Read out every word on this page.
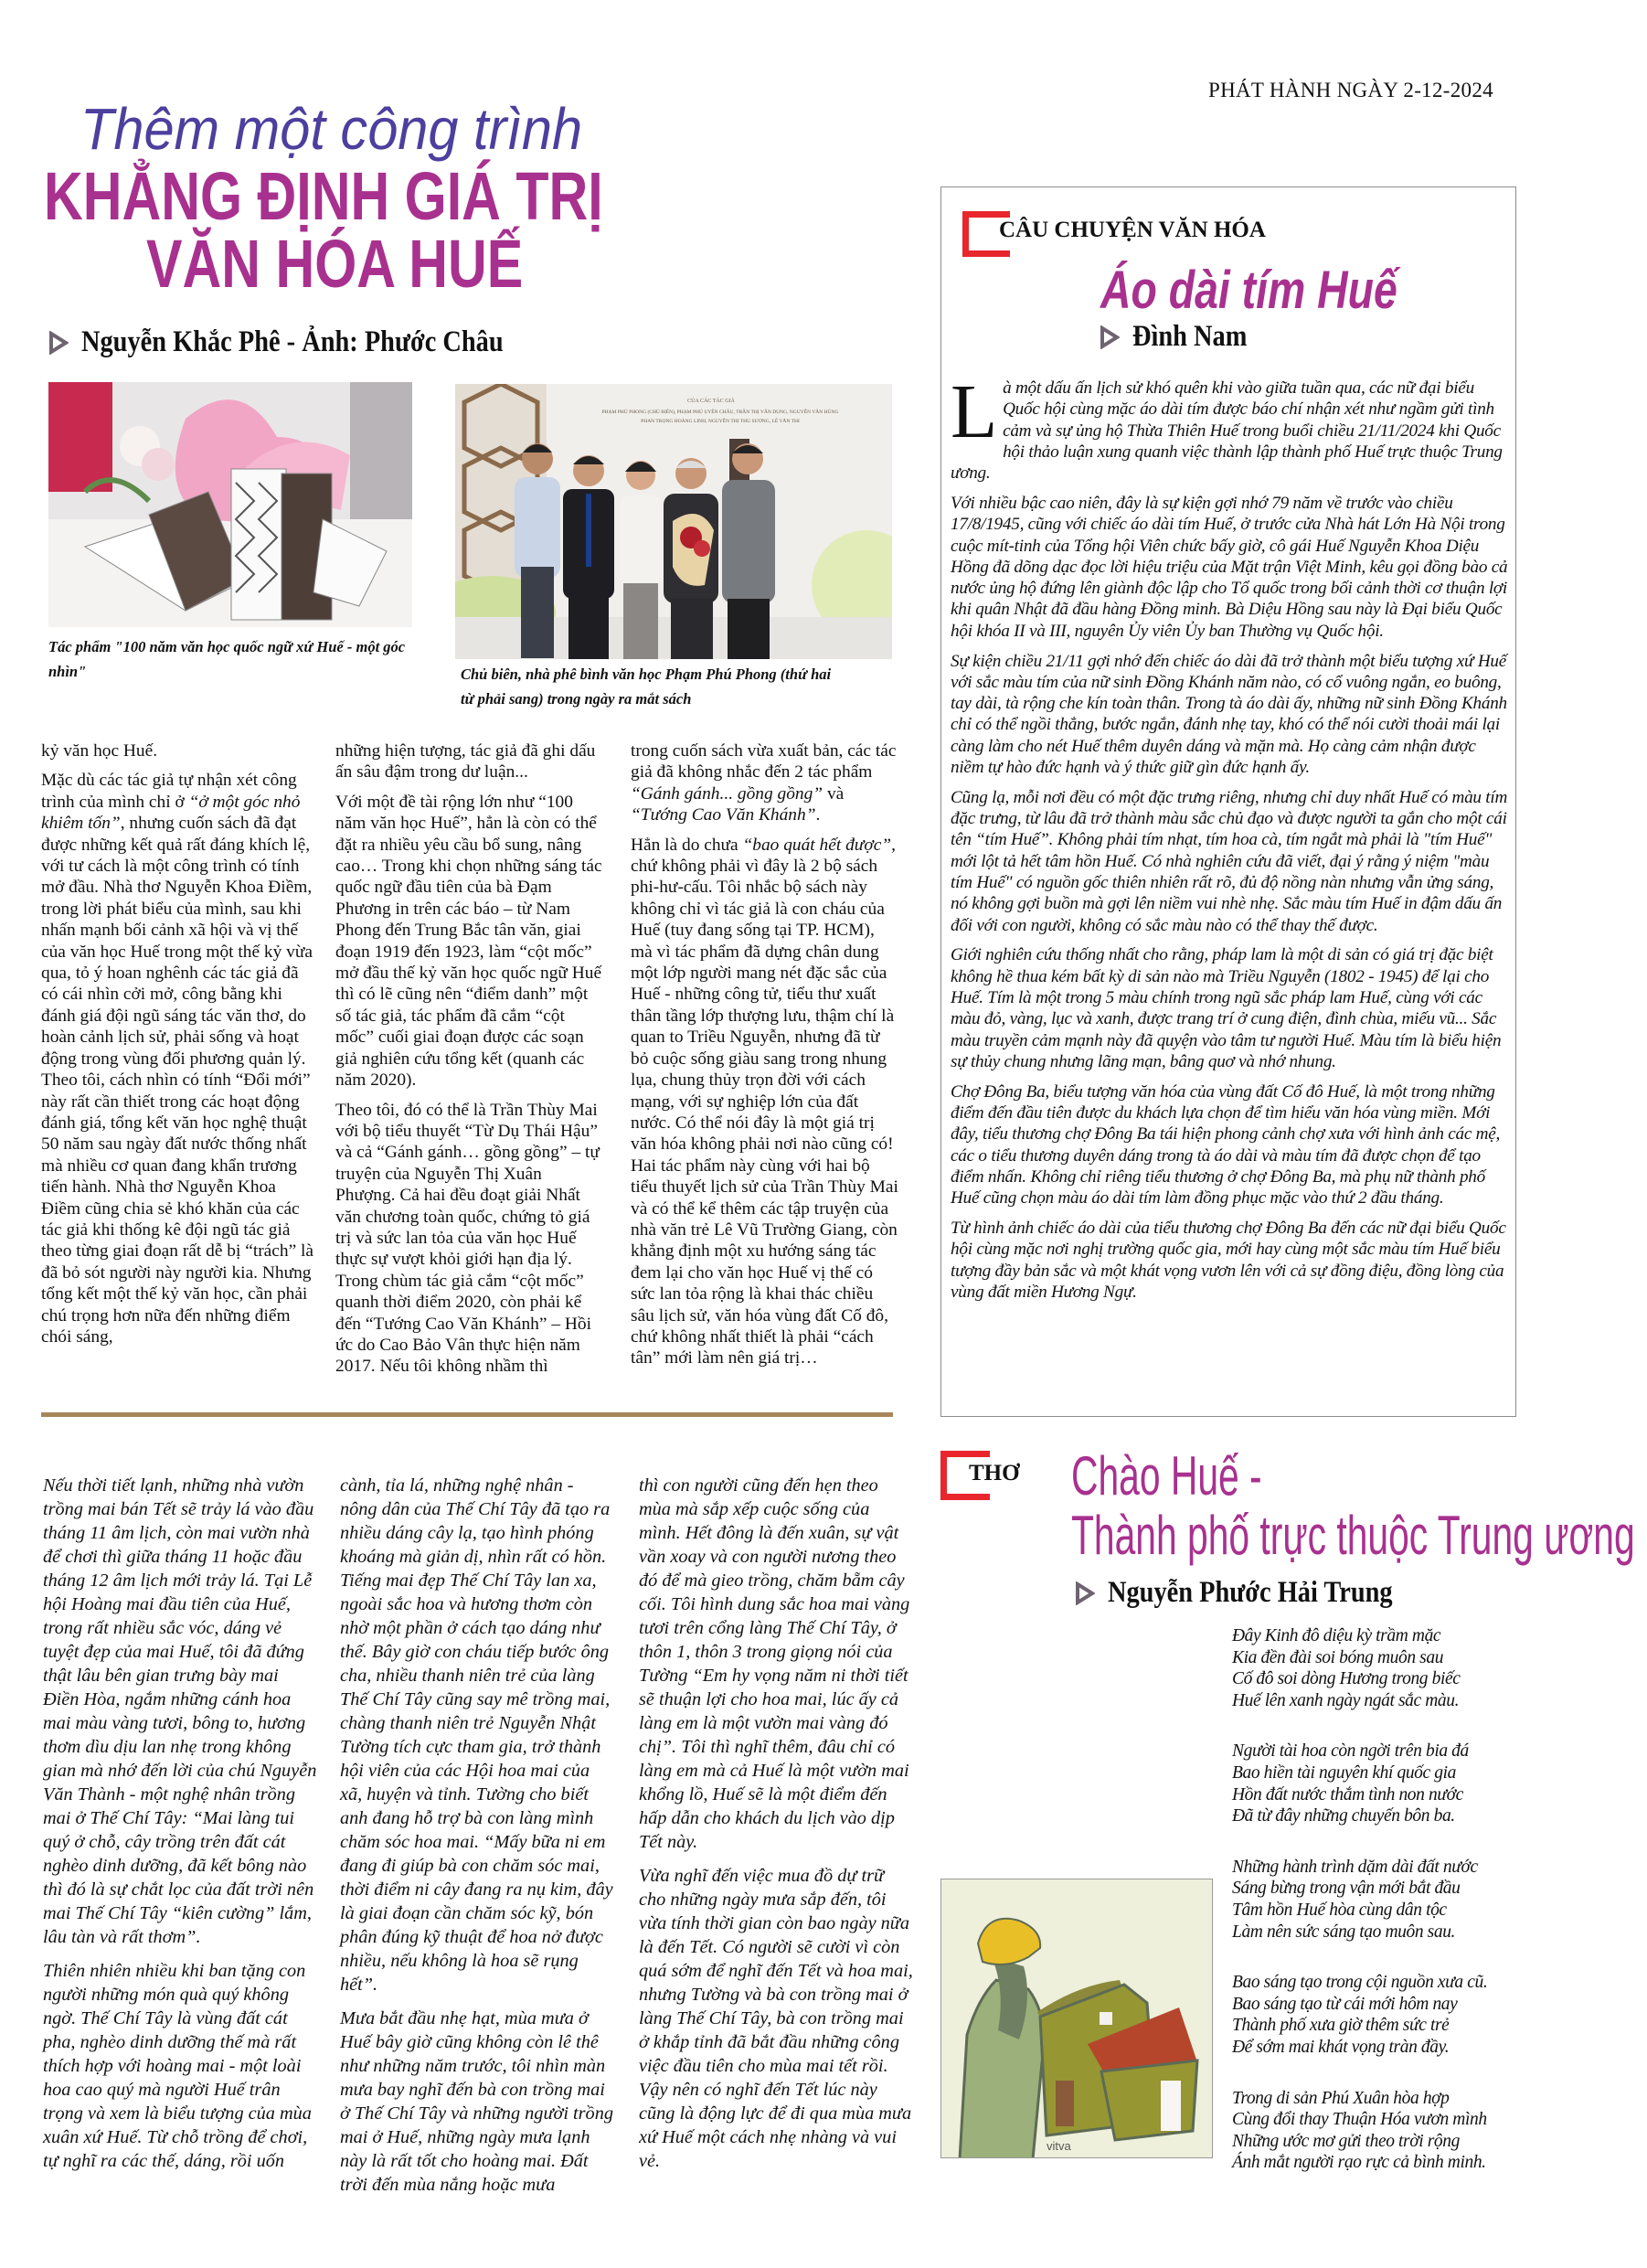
PHÁT HÀNH NGÀY 2-12-2024
Thêm một công trình
KHẲNG ĐỊNH GIÁ TRỊ
VĂN HÓA HUẾ
Nguyễn Khắc Phê - Ảnh: Phước Châu
Tác phẩm "100 năm văn học quốc ngữ xứ Huế - một góc nhìn"
CỦA CÁC TÁC GIẢ
PHẠM PHÚ PHONG (CHỦ BIÊN), PHẠM PHÚ UYÊN CHÂU, TRẦN THỊ VÂN DUNG, NGUYỄN VĂN HÙNG
PHAN TRỌNG HOÀNG LINH, NGUYỄN THỊ THU SƯƠNG, LÊ VĂN THI
Chủ biên, nhà phê bình văn học Phạm Phú Phong (thứ hai từ phải sang) trong ngày ra mắt sách

kỷ văn học Huế.

Mặc dù các tác giả tự nhận xét công trình của mình chỉ ở “ở một góc nhỏ khiêm tốn”, nhưng cuốn sách đã đạt được những kết quả rất đáng khích lệ, với tư cách là một công trình có tính mở đầu. Nhà thơ Nguyễn Khoa Điềm, trong lời phát biểu của mình, sau khi nhấn mạnh bối cảnh xã hội và vị thế của văn học Huế trong một thế kỷ vừa qua, tỏ ý hoan nghênh các tác giả đã có cái nhìn cởi mở, công bằng khi đánh giá đội ngũ sáng tác văn thơ, do hoàn cảnh lịch sử, phải sống và hoạt động trong vùng đối phương quản lý. Theo tôi, cách nhìn có tính “Đổi mới” này rất cần thiết trong các hoạt động đánh giá, tổng kết văn học nghệ thuật 50 năm sau ngày đất nước thống nhất mà nhiều cơ quan đang khẩn trương tiến hành. Nhà thơ Nguyễn Khoa Điềm cũng chia sẻ khó khăn của các tác giả khi thống kê đội ngũ tác giả theo từng giai đoạn rất dễ bị “trách” là đã bỏ sót người này người kia. Nhưng tổng kết một thế kỷ văn học, cần phải chú trọng hơn nữa đến những điểm chói sáng,

những hiện tượng, tác giả đã ghi dấu ấn sâu đậm trong dư luận...

Với một đề tài rộng lớn như “100 năm văn học Huế”, hẳn là còn có thể đặt ra nhiều yêu cầu bổ sung, nâng cao… Trong khi chọn những sáng tác quốc ngữ đầu tiên của bà Đạm Phương in trên các báo – từ Nam Phong đến Trung Bắc tân văn, giai đoạn 1919 đến 1923, làm “cột mốc” mở đầu thế kỷ văn học quốc ngữ Huế thì có lẽ cũng nên “điểm danh” một số tác giả, tác phẩm đã cắm “cột mốc” cuối giai đoạn được các soạn giả nghiên cứu tổng kết (quanh các năm 2020).

Theo tôi, đó có thể là Trần Thùy Mai với bộ tiểu thuyết “Từ Dụ Thái Hậu” và cả “Gánh gánh… gồng gồng” – tự truyện của Nguyễn Thị Xuân Phượng. Cả hai đều đoạt giải Nhất văn chương toàn quốc, chứng tỏ giá trị và sức lan tỏa của văn học Huế thực sự vượt khỏi giới hạn địa lý. Trong chùm tác giả cắm “cột mốc” quanh thời điểm 2020, còn phải kể đến “Tướng Cao Văn Khánh” – Hồi ức do Cao Bảo Vân thực hiện năm 2017. Nếu tôi không nhầm thì

trong cuốn sách vừa xuất bản, các tác giả đã không nhắc đến 2 tác phẩm “Gánh gánh... gồng gồng” và “Tướng Cao Văn Khánh”.

Hẳn là do chưa “bao quát hết được”, chứ không phải vì đây là 2 bộ sách phi-hư-cấu. Tôi nhắc bộ sách này không chỉ vì tác giả là con cháu của Huế (tuy đang sống tại TP. HCM), mà vì tác phẩm đã dựng chân dung một lớp người mang nét đặc sắc của Huế - những công tử, tiểu thư xuất thân tầng lớp thượng lưu, thậm chí là quan to Triều Nguyễn, nhưng đã từ bỏ cuộc sống giàu sang trong nhung lụa, chung thủy trọn đời với cách mạng, với sự nghiệp lớn của đất nước. Có thể nói đây là một giá trị văn hóa không phải nơi nào cũng có! Hai tác phẩm này cùng với hai bộ tiểu thuyết lịch sử của Trần Thùy Mai và có thể kể thêm các tập truyện của nhà văn trẻ Lê Vũ Trường Giang, còn khẳng định một xu hướng sáng tác đem lại cho văn học Huế vị thế có sức lan tỏa rộng là khai thác chiều sâu lịch sử, văn hóa vùng đất Cố đô, chứ không nhất thiết là phải “cách tân” mới làm nên giá trị…

CÂU CHUYỆN VĂN HÓA
Áo dài tím Huế
Đình Nam

Là một dấu ấn lịch sử khó quên khi vào giữa tuần qua, các nữ đại biểu Quốc hội cùng mặc áo dài tím được báo chí nhận xét như ngầm gửi tình cảm và sự ủng hộ Thừa Thiên Huế trong buổi chiều 21/11/2024 khi Quốc hội thảo luận xung quanh việc thành lập thành phố Huế trực thuộc Trung ương.

Với nhiều bậc cao niên, đây là sự kiện gợi nhớ 79 năm về trước vào chiều 17/8/1945, cũng với chiếc áo dài tím Huế, ở trước cửa Nhà hát Lớn Hà Nội trong cuộc mít-tinh của Tổng hội Viên chức bấy giờ, cô gái Huế Nguyễn Khoa Diệu Hồng đã dõng dạc đọc lời hiệu triệu của Mặt trận Việt Minh, kêu gọi đồng bào cả nước ủng hộ đứng lên giành độc lập cho Tổ quốc trong bối cảnh thời cơ thuận lợi khi quân Nhật đã đầu hàng Đồng minh. Bà Diệu Hồng sau này là Đại biểu Quốc hội khóa II và III, nguyên Ủy viên Ủy ban Thường vụ Quốc hội.

Sự kiện chiều 21/11 gợi nhớ đến chiếc áo dài đã trở thành một biểu tượng xứ Huế với sắc màu tím của nữ sinh Đồng Khánh năm nào, có cổ vuông ngắn, eo buông, tay dài, tà rộng che kín toàn thân. Trong tà áo dài ấy, những nữ sinh Đồng Khánh chỉ có thể ngồi thẳng, bước ngắn, đánh nhẹ tay, khó có thể nói cười thoải mái lại càng làm cho nét Huế thêm duyên dáng và mặn mà. Họ càng cảm nhận được niềm tự hào đức hạnh và ý thức giữ gìn đức hạnh ấy.

Cũng lạ, mỗi nơi đều có một đặc trưng riêng, nhưng chỉ duy nhất Huế có màu tím đặc trưng, từ lâu đã trở thành màu sắc chủ đạo và được người ta gắn cho một cái tên “tím Huế”. Không phải tím nhạt, tím hoa cà, tím ngắt mà phải là "tím Huế" mới lột tả hết tâm hồn Huế. Có nhà nghiên cứu đã viết, đại ý rằng ý niệm "màu tím Huế" có nguồn gốc thiên nhiên rất rõ, đủ độ nồng nàn nhưng vẫn ửng sáng, nó không gợi buồn mà gợi lên niềm vui nhè nhẹ. Sắc màu tím Huế in đậm dấu ấn đối với con người, không có sắc màu nào có thể thay thế được.

Giới nghiên cứu thống nhất cho rằng, pháp lam là một di sản có giá trị đặc biệt không hề thua kém bất kỳ di sản nào mà Triều Nguyễn (1802 - 1945) để lại cho Huế. Tím là một trong 5 màu chính trong ngũ sắc pháp lam Huế, cùng với các màu đỏ, vàng, lục và xanh, được trang trí ở cung điện, đình chùa, miếu vũ... Sắc màu truyền cảm mạnh này đã quyện vào tâm tư người Huế. Màu tím là biểu hiện sự thủy chung nhưng lãng mạn, bâng quơ và nhớ nhung.

Chợ Đông Ba, biểu tượng văn hóa của vùng đất Cố đô Huế, là một trong những điểm đến đầu tiên được du khách lựa chọn để tìm hiểu văn hóa vùng miền. Mới đây, tiểu thương chợ Đông Ba tái hiện phong cảnh chợ xưa với hình ảnh các mệ, các o tiểu thương duyên dáng trong tà áo dài và màu tím đã được chọn để tạo điểm nhấn. Không chỉ riêng tiểu thương ở chợ Đông Ba, mà phụ nữ thành phố Huế cũng chọn màu áo dài tím làm đồng phục mặc vào thứ 2 đầu tháng.

Từ hình ảnh chiếc áo dài của tiểu thương chợ Đông Ba đến các nữ đại biểu Quốc hội cùng mặc nơi nghị trường quốc gia, mới hay cùng một sắc màu tím Huế biểu tượng đầy bản sắc và một khát vọng vươn lên với cả sự đồng điệu, đồng lòng của vùng đất miền Hương Ngự.

Nếu thời tiết lạnh, những nhà vườn trồng mai bán Tết sẽ trảy lá vào đầu tháng 11 âm lịch, còn mai vườn nhà để chơi thì giữa tháng 11 hoặc đầu tháng 12 âm lịch mới trảy lá. Tại Lễ hội Hoàng mai đầu tiên của Huế, trong rất nhiều sắc vóc, dáng vẻ tuyệt đẹp của mai Huế, tôi đã đứng thật lâu bên gian trưng bày mai Điền Hòa, ngắm những cánh hoa mai màu vàng tươi, bông to, hương thơm dìu dịu lan nhẹ trong không gian mà nhớ đến lời của chú Nguyễn Văn Thành - một nghệ nhân trồng mai ở Thế Chí Tây: “Mai làng tui quý ở chỗ, cây trồng trên đất cát nghèo dinh dưỡng, đã kết bông nào thì đó là sự chắt lọc của đất trời nên mai Thế Chí Tây “kiên cường” lắm, lâu tàn và rất thơm”.

Thiên nhiên nhiều khi ban tặng con người những món quà quý không ngờ. Thế Chí Tây là vùng đất cát pha, nghèo dinh dưỡng thế mà rất thích hợp với hoàng mai - một loài hoa cao quý mà người Huế trân trọng và xem là biểu tượng của mùa xuân xứ Huế. Từ chỗ trồng để chơi, tự nghĩ ra các thế, dáng, rồi uốn

cành, tỉa lá, những nghệ nhân - nông dân của Thế Chí Tây đã tạo ra nhiều dáng cây lạ, tạo hình phóng khoáng mà giản dị, nhìn rất có hồn. Tiếng mai đẹp Thế Chí Tây lan xa, ngoài sắc hoa và hương thơm còn nhờ một phần ở cách tạo dáng như thế. Bây giờ con cháu tiếp bước ông cha, nhiều thanh niên trẻ của làng Thế Chí Tây cũng say mê trồng mai, chàng thanh niên trẻ Nguyễn Nhật Tường tích cực tham gia, trở thành hội viên của các Hội hoa mai của xã, huyện và tỉnh. Tường cho biết anh đang hỗ trợ bà con làng mình chăm sóc hoa mai. “Mấy bữa ni em đang đi giúp bà con chăm sóc mai, thời điểm ni cây đang ra nụ kim, đây là giai đoạn cần chăm sóc kỹ, bón phân đúng kỹ thuật để hoa nở được nhiều, nếu không là hoa sẽ rụng hết”.

Mưa bắt đầu nhẹ hạt, mùa mưa ở Huế bây giờ cũng không còn lê thê như những năm trước, tôi nhìn màn mưa bay nghĩ đến bà con trồng mai ở Thế Chí Tây và những người trồng mai ở Huế, những ngày mưa lạnh này là rất tốt cho hoàng mai. Đất trời đến mùa nắng hoặc mưa

thì con người cũng đến hẹn theo mùa mà sắp xếp cuộc sống của mình. Hết đông là đến xuân, sự vật vần xoay và con người nương theo đó để mà gieo trồng, chăm bẵm cây cối. Tôi hình dung sắc hoa mai vàng tươi trên cổng làng Thế Chí Tây, ở thôn 1, thôn 3 trong giọng nói của Tường “Em hy vọng năm ni thời tiết sẽ thuận lợi cho hoa mai, lúc ấy cả làng em là một vườn mai vàng đó chị”. Tôi thì nghĩ thêm, đâu chỉ có làng em mà cả Huế là một vườn mai khổng lồ, Huế sẽ là một điểm đến hấp dẫn cho khách du lịch vào dịp Tết này.

Vừa nghĩ đến việc mua đồ dự trữ cho những ngày mưa sắp đến, tôi vừa tính thời gian còn bao ngày nữa là đến Tết. Có người sẽ cười vì còn quá sớm để nghĩ đến Tết và hoa mai, nhưng Tường và bà con trồng mai ở làng Thế Chí Tây, bà con trồng mai ở khắp tỉnh đã bắt đầu những công việc đầu tiên cho mùa mai tết rồi. Vậy nên có nghĩ đến Tết lúc này cũng là động lực để đi qua mùa mưa xứ Huế một cách nhẹ nhàng và vui vẻ.

THƠ Chào Huế -
Thành phố trực thuộc Trung ương
Nguyễn Phước Hải Trung
Đây Kinh đô diệu kỳ trầm mặc
Kia đền đài soi bóng muôn sau
Cố đô soi dòng Hương trong biếc
Huế lên xanh ngày ngát sắc màu.
Người tài hoa còn ngời trên bia đá
Bao hiền tài nguyên khí quốc gia
Hồn đất nước thắm tình non nước
Đã từ đây những chuyến bôn ba.
Những hành trình dặm dài đất nước
Sáng bừng trong vận mới bắt đầu
Tâm hồn Huế hòa cùng dân tộc
Làm nên sức sáng tạo muôn sau.
Bao sáng tạo trong cội nguồn xưa cũ.
Bao sáng tạo từ cái mới hôm nay
Thành phố xưa giờ thêm sức trẻ
Để sớm mai khát vọng tràn đầy.
Trong di sản Phú Xuân hòa hợp
Cùng đổi thay Thuận Hóa vươn mình
Những ước mơ gửi theo trời rộng
Ánh mắt người rạo rực cả bình minh.
vitva
